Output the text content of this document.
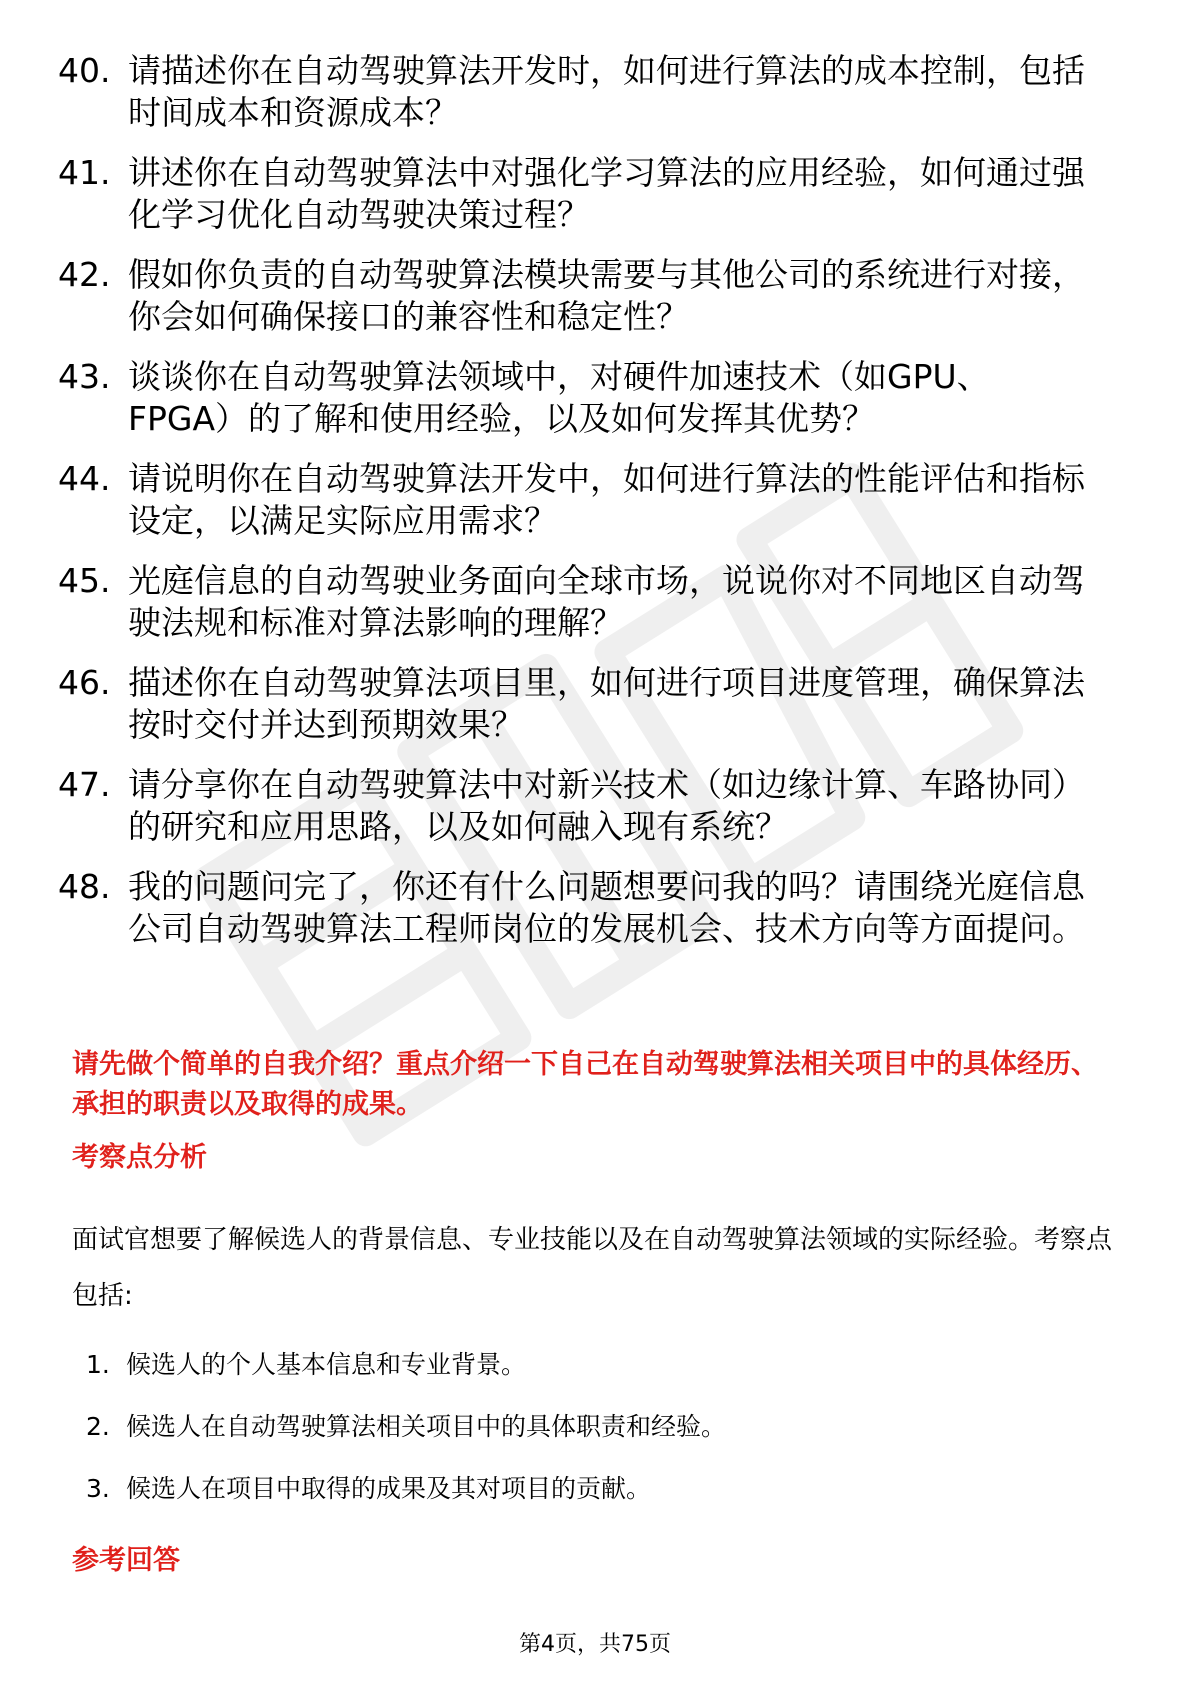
40. 请描述你在自动驾驶算法开发时，如何进行算法的成本控制，包括时间成本和资源成本？
41. 讲述你在自动驾驶算法中对强化学习算法的应用经验，如何通过强化学习优化自动驾驶决策过程？
42. 假如你负责的自动驾驶算法模块需要与其他公司的系统进行对接，你会如何确保接口的兼容性和稳定性？
43. 谈谈你在自动驾驶算法领域中，对硬件加速技术（如GPU、FPGA）的了解和使用经验，以及如何发挥其优势？
44. 请说明你在自动驾驶算法开发中，如何进行算法的性能评估和指标设定，以满足实际应用需求？
45. 光庭信息的自动驾驶业务面向全球市场，说说你对不同地区自动驾驶法规和标准对算法影响的理解？
46. 描述你在自动驾驶算法项目里，如何进行项目进度管理，确保算法按时交付并达到预期效果？
47. 请分享你在自动驾驶算法中对新兴技术（如边缘计算、车路协同）的研究和应用思路，以及如何融入现有系统？
48. 我的问题问完了，你还有什么问题想要问我的吗？请围绕光庭信息公司自动驾驶算法工程师岗位的发展机会、技术方向等方面提问。

请先做个简单的自我介绍？重点介绍一下自己在自动驾驶算法相关项目中的具体经历、承担的职责以及取得的成果。

考察点分析

面试官想要了解候选人的背景信息、专业技能以及在自动驾驶算法领域的实际经验。考察点包括:

1. 候选人的个人基本信息和专业背景。
2. 候选人在自动驾驶算法相关项目中的具体职责和经验。
3. 候选人在项目中取得的成果及其对项目的贡献。
参考回答
第4页，共75页
